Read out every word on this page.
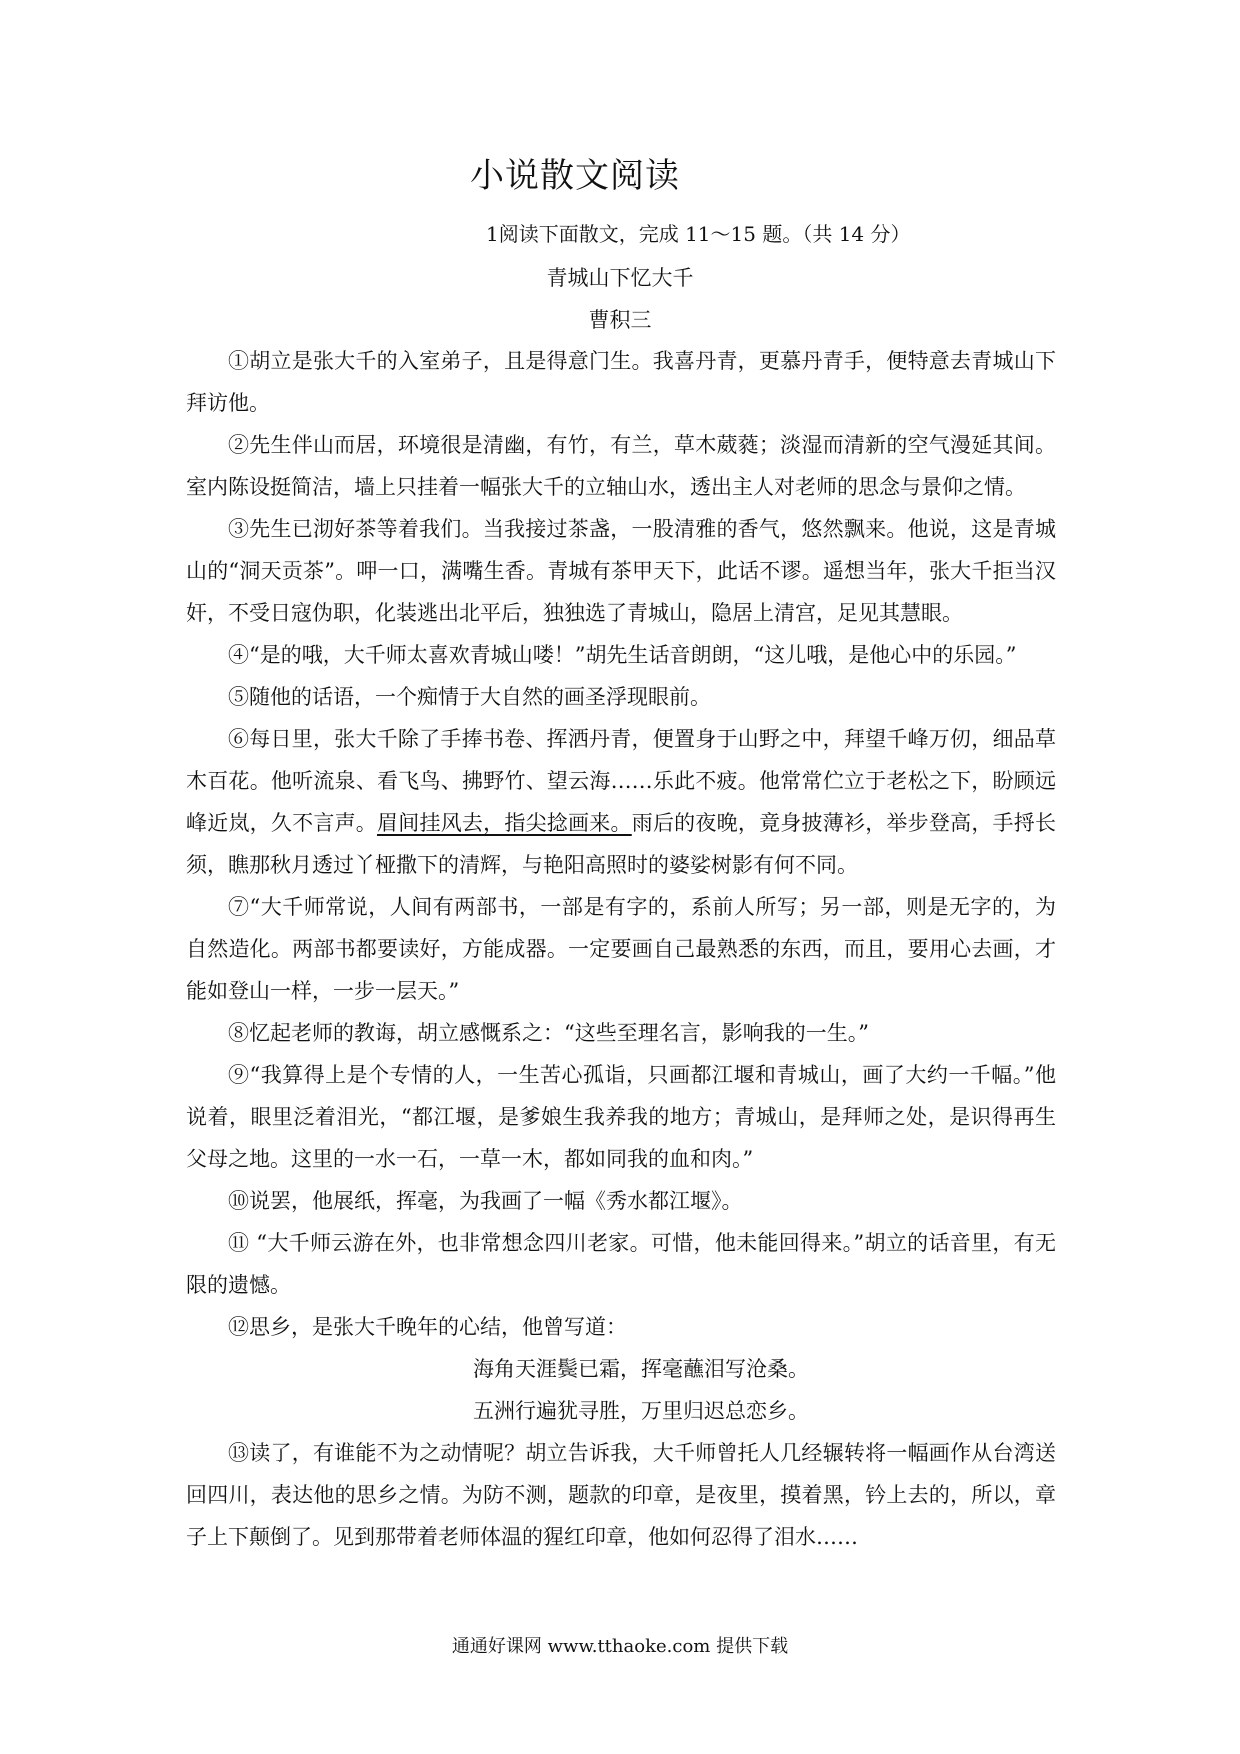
小说散文阅读

1阅读下面散文，完成 11～15 题。（共 14 分）

青城山下忆大千

曹积三

①胡立是张大千的入室弟子，且是得意门生。我喜丹青，更慕丹青手，便特意去青城山下拜访他。

②先生伴山而居，环境很是清幽，有竹，有兰，草木葳蕤；淡湿而清新的空气漫延其间。室内陈设挺简洁，墙上只挂着一幅张大千的立轴山水，透出主人对老师的思念与景仰之情。

③先生已沏好茶等着我们。当我接过茶盏，一股清雅的香气，悠然飘来。他说，这是青城山的“洞天贡茶”。呷一口，满嘴生香。青城有茶甲天下，此话不谬。遥想当年，张大千拒当汉奸，不受日寇伪职，化装逃出北平后，独独选了青城山，隐居上清宫，足见其慧眼。

④“是的哦，大千师太喜欢青城山喽！”胡先生话音朗朗，“这儿哦，是他心中的乐园。”

⑤随他的话语，一个痴情于大自然的画圣浮现眼前。

⑥每日里，张大千除了手捧书卷、挥洒丹青，便置身于山野之中，拜望千峰万仞，细品草木百花。他听流泉、看飞鸟、拂野竹、望云海……乐此不疲。他常常伫立于老松之下，盼顾远峰近岚，久不言声。眉间挂风去，指尖捻画来。雨后的夜晚，竟身披薄衫，举步登高，手捋长须，瞧那秋月透过丫桠撒下的清辉，与艳阳高照时的婆娑树影有何不同。

⑦“大千师常说，人间有两部书，一部是有字的，系前人所写；另一部，则是无字的，为自然造化。两部书都要读好，方能成器。一定要画自己最熟悉的东西，而且，要用心去画，才能如登山一样，一步一层天。”

⑧忆起老师的教诲，胡立感慨系之：“这些至理名言，影响我的一生。”

⑨“我算得上是个专情的人，一生苦心孤诣，只画都江堰和青城山，画了大约一千幅。”他说着，眼里泛着泪光，“都江堰，是爹娘生我养我的地方；青城山，是拜师之处，是识得再生父母之地。这里的一水一石，一草一木，都如同我的血和肉。”

⑩说罢，他展纸，挥毫，为我画了一幅《秀水都江堰》。

⑪ “大千师云游在外，也非常想念四川老家。可惜，他未能回得来。”胡立的话音里，有无限的遗憾。

⑫思乡，是张大千晚年的心结，他曾写道：

海角天涯鬓已霜，挥毫蘸泪写沧桑。

五洲行遍犹寻胜，万里归迟总恋乡。

⑬读了，有谁能不为之动情呢？胡立告诉我，大千师曾托人几经辗转将一幅画作从台湾送回四川，表达他的思乡之情。为防不测，题款的印章，是夜里，摸着黑，钤上去的，所以，章子上下颠倒了。见到那带着老师体温的猩红印章，他如何忍得了泪水……

通通好课网 www.tthaoke.com 提供下载
